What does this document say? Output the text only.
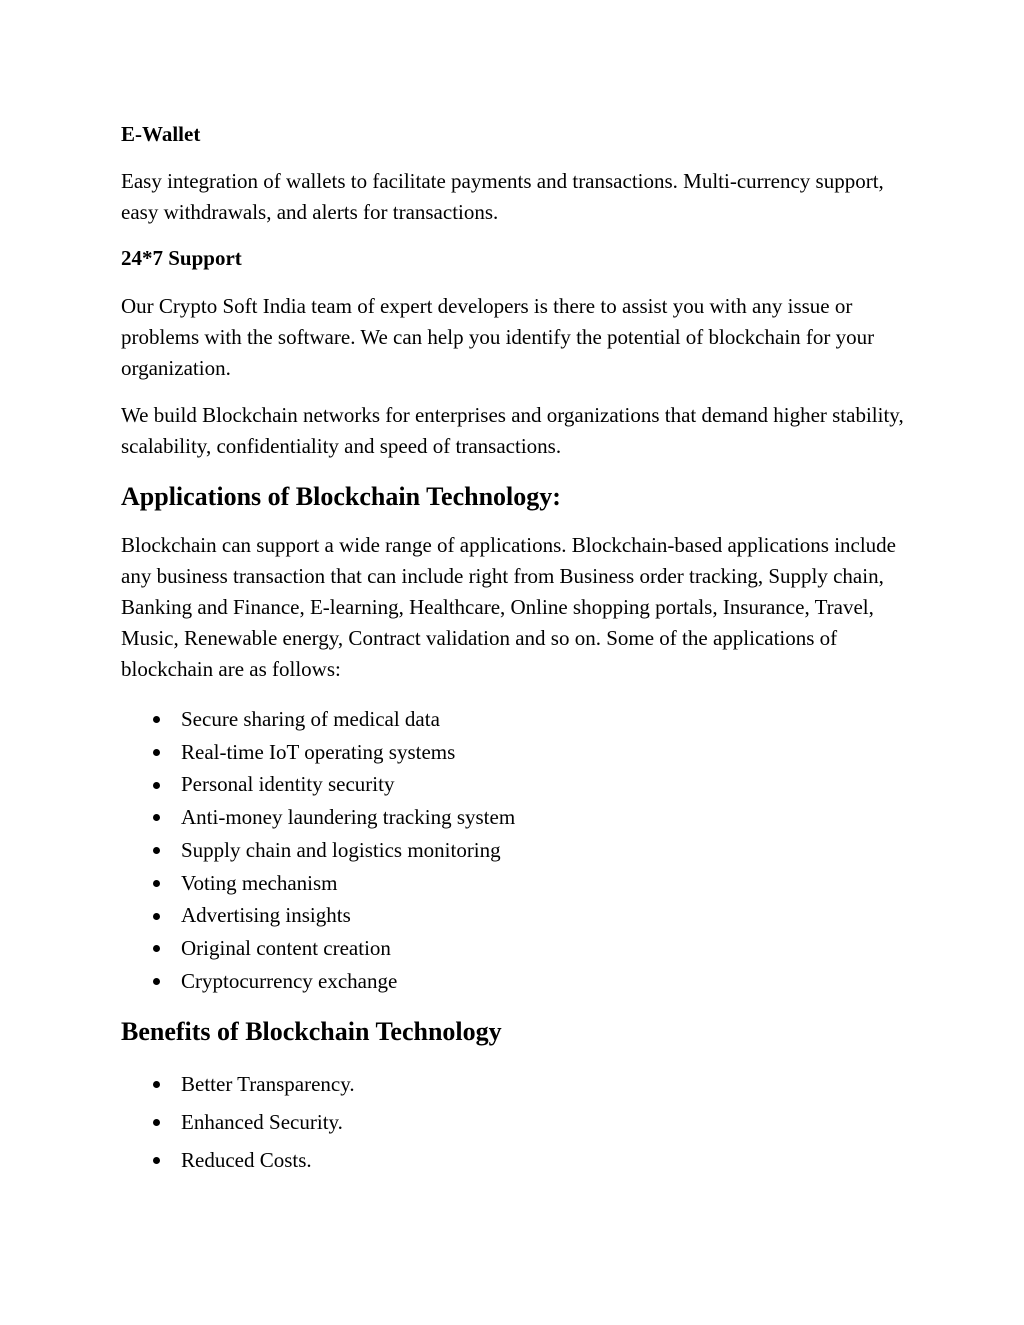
E-Wallet

Easy integration of wallets to facilitate payments and transactions. Multi-currency support, easy withdrawals, and alerts for transactions.

24*7 Support

Our Crypto Soft India team of expert developers is there to assist you with any issue or problems with the software. We can help you identify the potential of blockchain for your organization.

We build Blockchain networks for enterprises and organizations that demand higher stability, scalability, confidentiality and speed of transactions.

Applications of Blockchain Technology:

Blockchain can support a wide range of applications. Blockchain-based applications include any business transaction that can include right from Business order tracking, Supply chain, Banking and Finance, E-learning, Healthcare, Online shopping portals, Insurance, Travel, Music, Renewable energy, Contract validation and so on. Some of the applications of blockchain are as follows:

Secure sharing of medical data
Real-time IoT operating systems
Personal identity security
Anti-money laundering tracking system
Supply chain and logistics monitoring
Voting mechanism
Advertising insights
Original content creation
Cryptocurrency exchange
Benefits of Blockchain Technology
Better Transparency.
Enhanced Security.
Reduced Costs.
